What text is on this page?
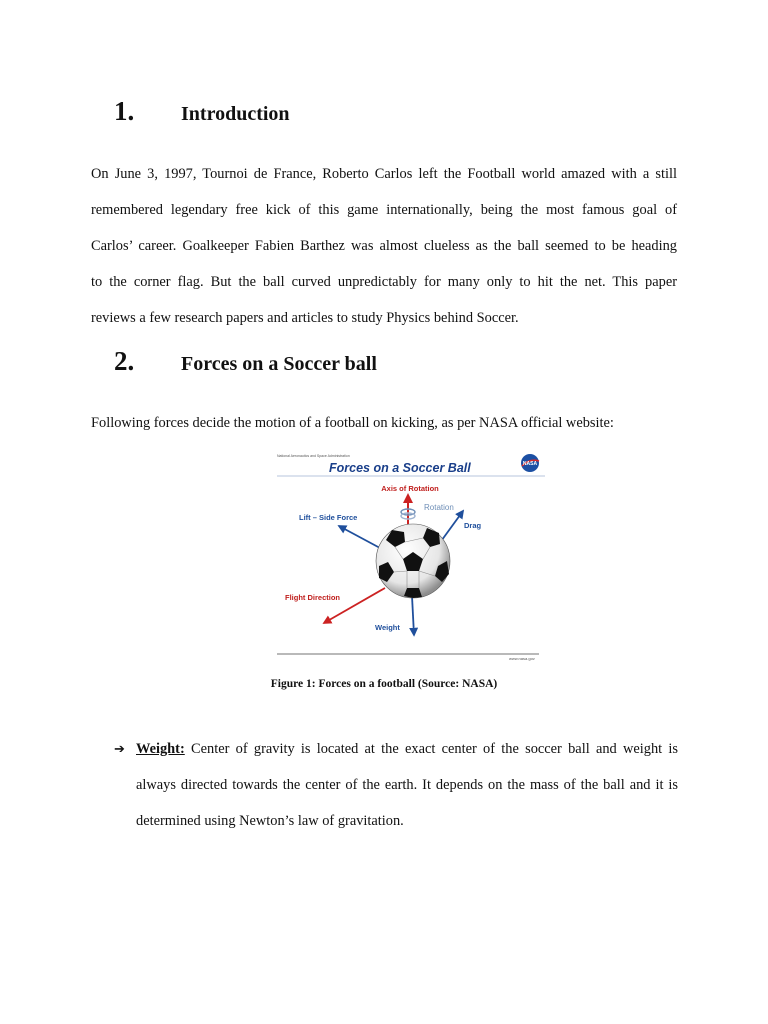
1.	Introduction

On June 3, 1997, Tournoi de France, Roberto Carlos left the Football world amazed with a still
remembered legendary free kick of this game internationally, being the most famous goal of
Carlos’ career. Goalkeeper Fabien Barthez was almost clueless as the ball seemed to be heading
to the corner flag. But the ball curved unpredictably for many only to hit the net. This paper
reviews a few research papers and articles to study Physics behind Soccer.

2.	Forces on a Soccer ball

Following forces decide the motion of a football on kicking, as per NASA official website:

National Aeronautics and Space Administration
Forces on a Soccer Ball	NASA
Axis of Rotation
Rotation
Lift – Side Force
Drag
Flight Direction
Weight
www.nasa.gov
Figure 1: Forces on a football (Source: NASA)
➔ Weight: Center of gravity is located at the exact center of the soccer ball and weight is
always directed towards the center of the earth. It depends on the mass of the ball and it is
determined using Newton’s law of gravitation.
